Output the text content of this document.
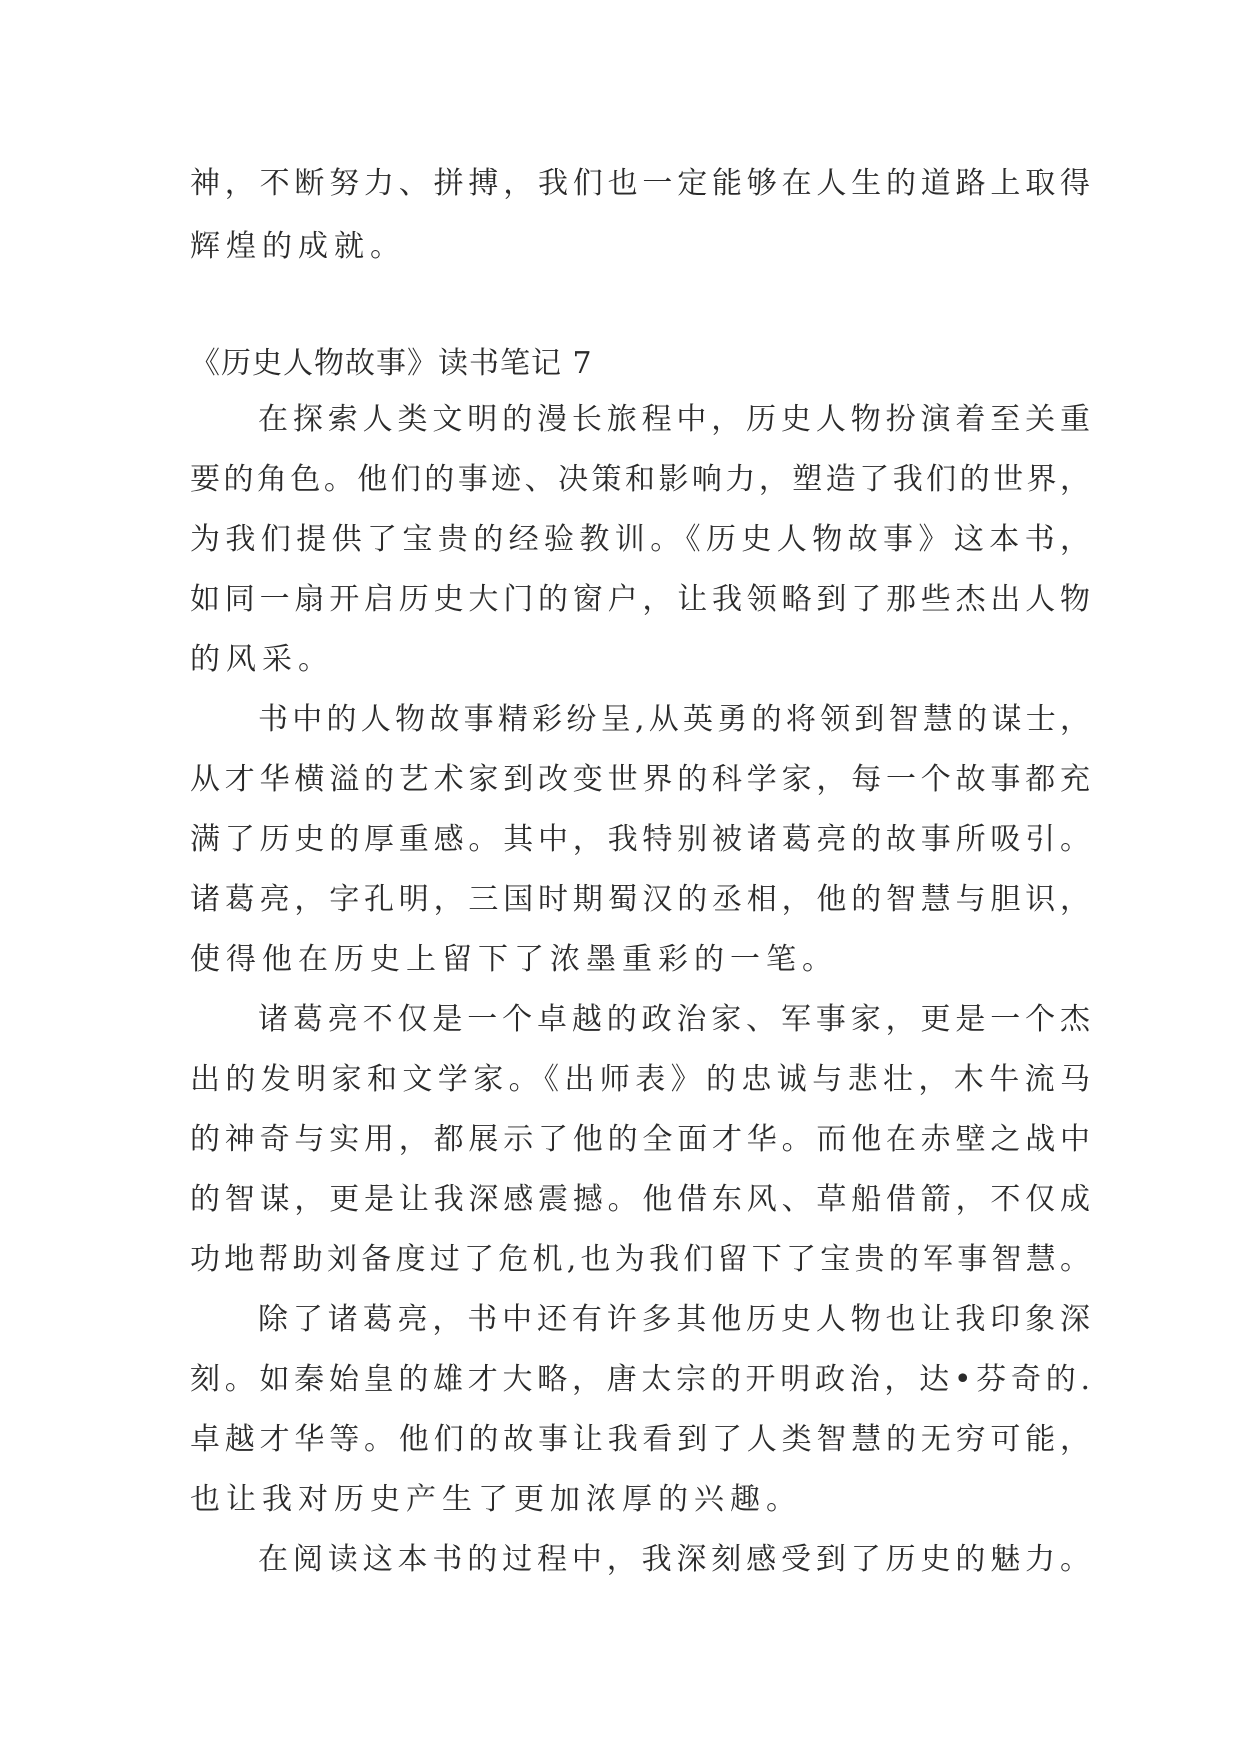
神，不断努力、拼搏，我们也一定能够在人生的道路上取得
辉煌的成就。
《历史人物故事》读书笔记 7
在探索人类文明的漫长旅程中，历史人物扮演着至关重
要的角色。他们的事迹、决策和影响力，塑造了我们的世界，
为我们提供了宝贵的经验教训。《历史人物故事》这本书，
如同一扇开启历史大门的窗户，让我领略到了那些杰出人物
的风采。
书中的人物故事精彩纷呈,从英勇的将领到智慧的谋士，
从才华横溢的艺术家到改变世界的科学家，每一个故事都充
满了历史的厚重感。其中，我特别被诸葛亮的故事所吸引。
诸葛亮，字孔明，三国时期蜀汉的丞相，他的智慧与胆识，
使得他在历史上留下了浓墨重彩的一笔。
诸葛亮不仅是一个卓越的政治家、军事家，更是一个杰
出的发明家和文学家。《出师表》的忠诚与悲壮，木牛流马
的神奇与实用，都展示了他的全面才华。而他在赤壁之战中
的智谋，更是让我深感震撼。他借东风、草船借箭，不仅成
功地帮助刘备度过了危机,也为我们留下了宝贵的军事智慧。
除了诸葛亮，书中还有许多其他历史人物也让我印象深
刻。如秦始皇的雄才大略，唐太宗的开明政治，达•芬奇的.
卓越才华等。他们的故事让我看到了人类智慧的无穷可能，
也让我对历史产生了更加浓厚的兴趣。
在阅读这本书的过程中，我深刻感受到了历史的魅力。
